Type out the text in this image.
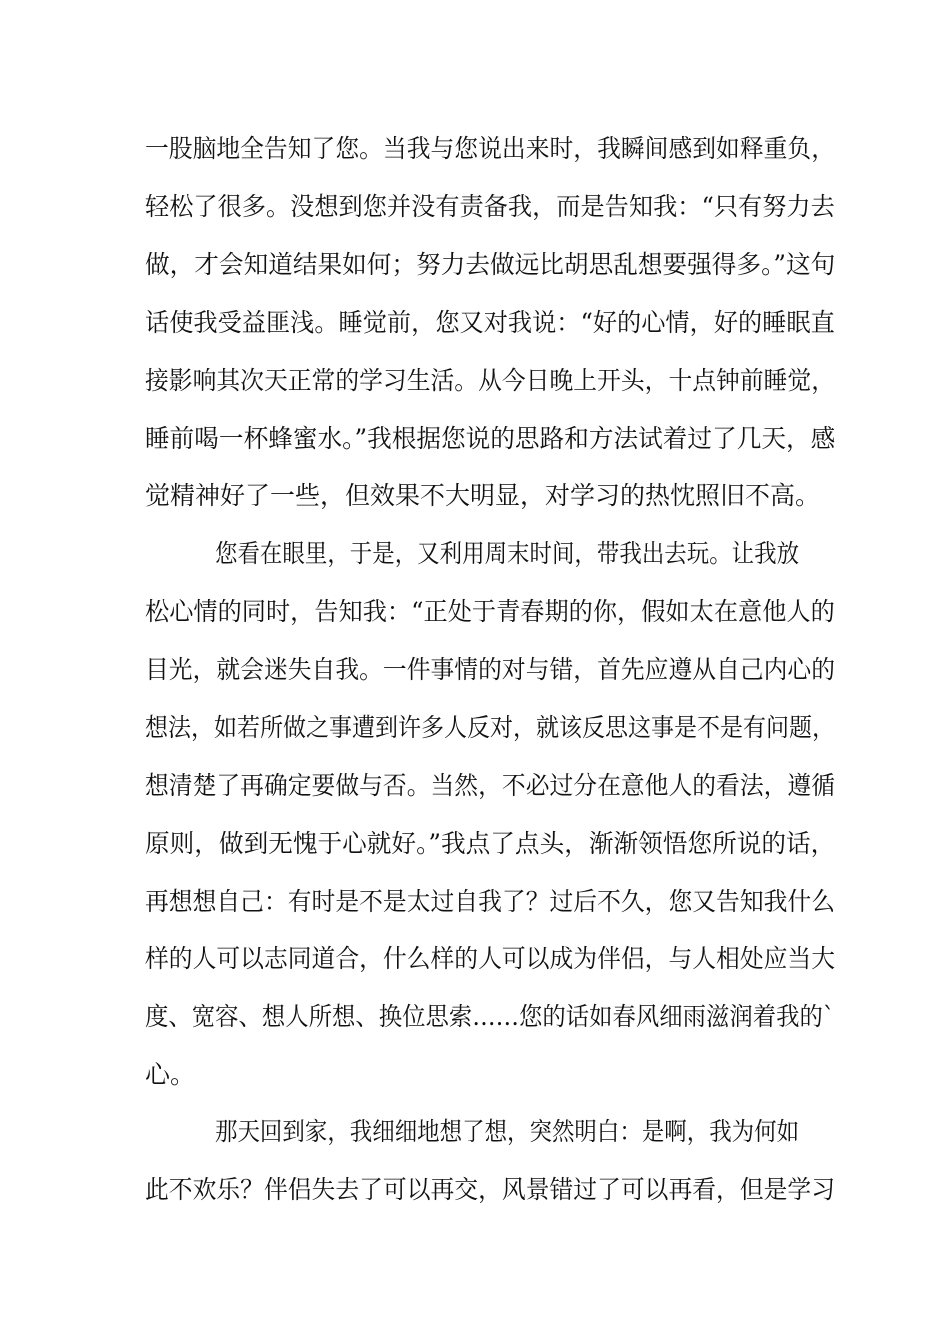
一股脑地全告知了您。当我与您说出来时，我瞬间感到如释重负，
轻松了很多。没想到您并没有责备我，而是告知我：“只有努力去
做，才会知道结果如何；努力去做远比胡思乱想要强得多。”这句
话使我受益匪浅。睡觉前，您又对我说：“好的心情，好的睡眠直
接影响其次天正常的学习生活。从今日晚上开头，十点钟前睡觉，
睡前喝一杯蜂蜜水。”我根据您说的思路和方法试着过了几天，感
觉精神好了一些，但效果不大明显，对学习的热忱照旧不高。
您看在眼里，于是，又利用周末时间，带我出去玩。让我放
松心情的同时，告知我：“正处于青春期的你，假如太在意他人的
目光，就会迷失自我。一件事情的对与错，首先应遵从自己内心的
想法，如若所做之事遭到许多人反对，就该反思这事是不是有问题，
想清楚了再确定要做与否。当然，不必过分在意他人的看法，遵循
原则，做到无愧于心就好。”我点了点头，渐渐领悟您所说的话，
再想想自己：有时是不是太过自我了？过后不久，您又告知我什么
样的人可以志同道合，什么样的人可以成为伴侣，与人相处应当大
度、宽容、想人所想、换位思索……您的话如春风细雨滋润着我的`
心。
那天回到家，我细细地想了想，突然明白：是啊，我为何如
此不欢乐？伴侣失去了可以再交，风景错过了可以再看，但是学习
